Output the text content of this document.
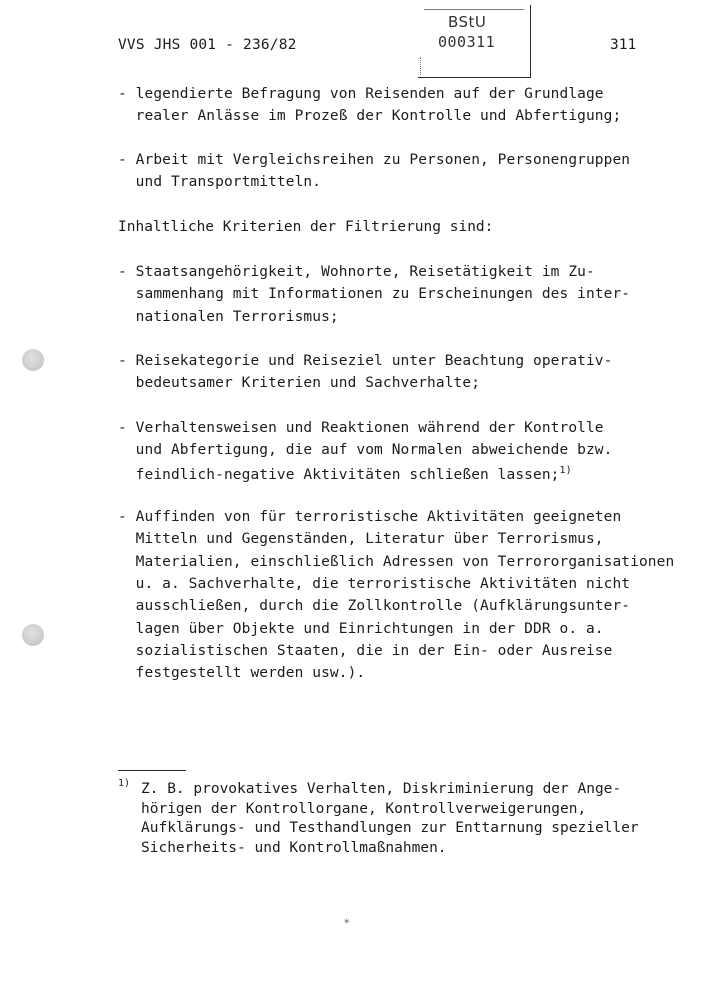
VVS JHS 001 - 236/82	311
BStU
000311
- legendierte Befragung von Reisenden auf der Grundlage
realer Anlässe im Prozeß der Kontrolle und Abfertigung;
- Arbeit mit Vergleichsreihen zu Personen, Personengruppen
und Transportmitteln.
Inhaltliche Kriterien der Filtrierung sind:
- Staatsangehörigkeit, Wohnorte, Reisetätigkeit im Zu-
sammenhang mit Informationen zu Erscheinungen des inter-
nationalen Terrorismus;
- Reisekategorie und Reiseziel unter Beachtung operativ-
bedeutsamer Kriterien und Sachverhalte;
- Verhaltensweisen und Reaktionen während der Kontrolle
und Abfertigung, die auf vom Normalen abweichende bzw.
feindlich-negative Aktivitäten schließen lassen;$^{1)}$
- Auffinden von für terroristische Aktivitäten geeigneten
Mitteln und Gegenständen, Literatur über Terrorismus,
Materialien, einschließlich Adressen von Terrororganisationen
u. a. Sachverhalte, die terroristische Aktivitäten nicht
ausschließen, durch die Zollkontrolle (Aufklärungsunter-
lagen über Objekte und Einrichtungen in der DDR o. a.
sozialistischen Staaten, die in der Ein- oder Ausreise
festgestellt werden usw.).
1) Z. B. provokatives Verhalten, Diskriminierung der Ange-
hörigen der Kontrollorgane, Kontrollverweigerungen,
Aufklärungs- und Testhandlungen zur Enttarnung spezieller
Sicherheits- und Kontrollmaßnahmen.
⁎
